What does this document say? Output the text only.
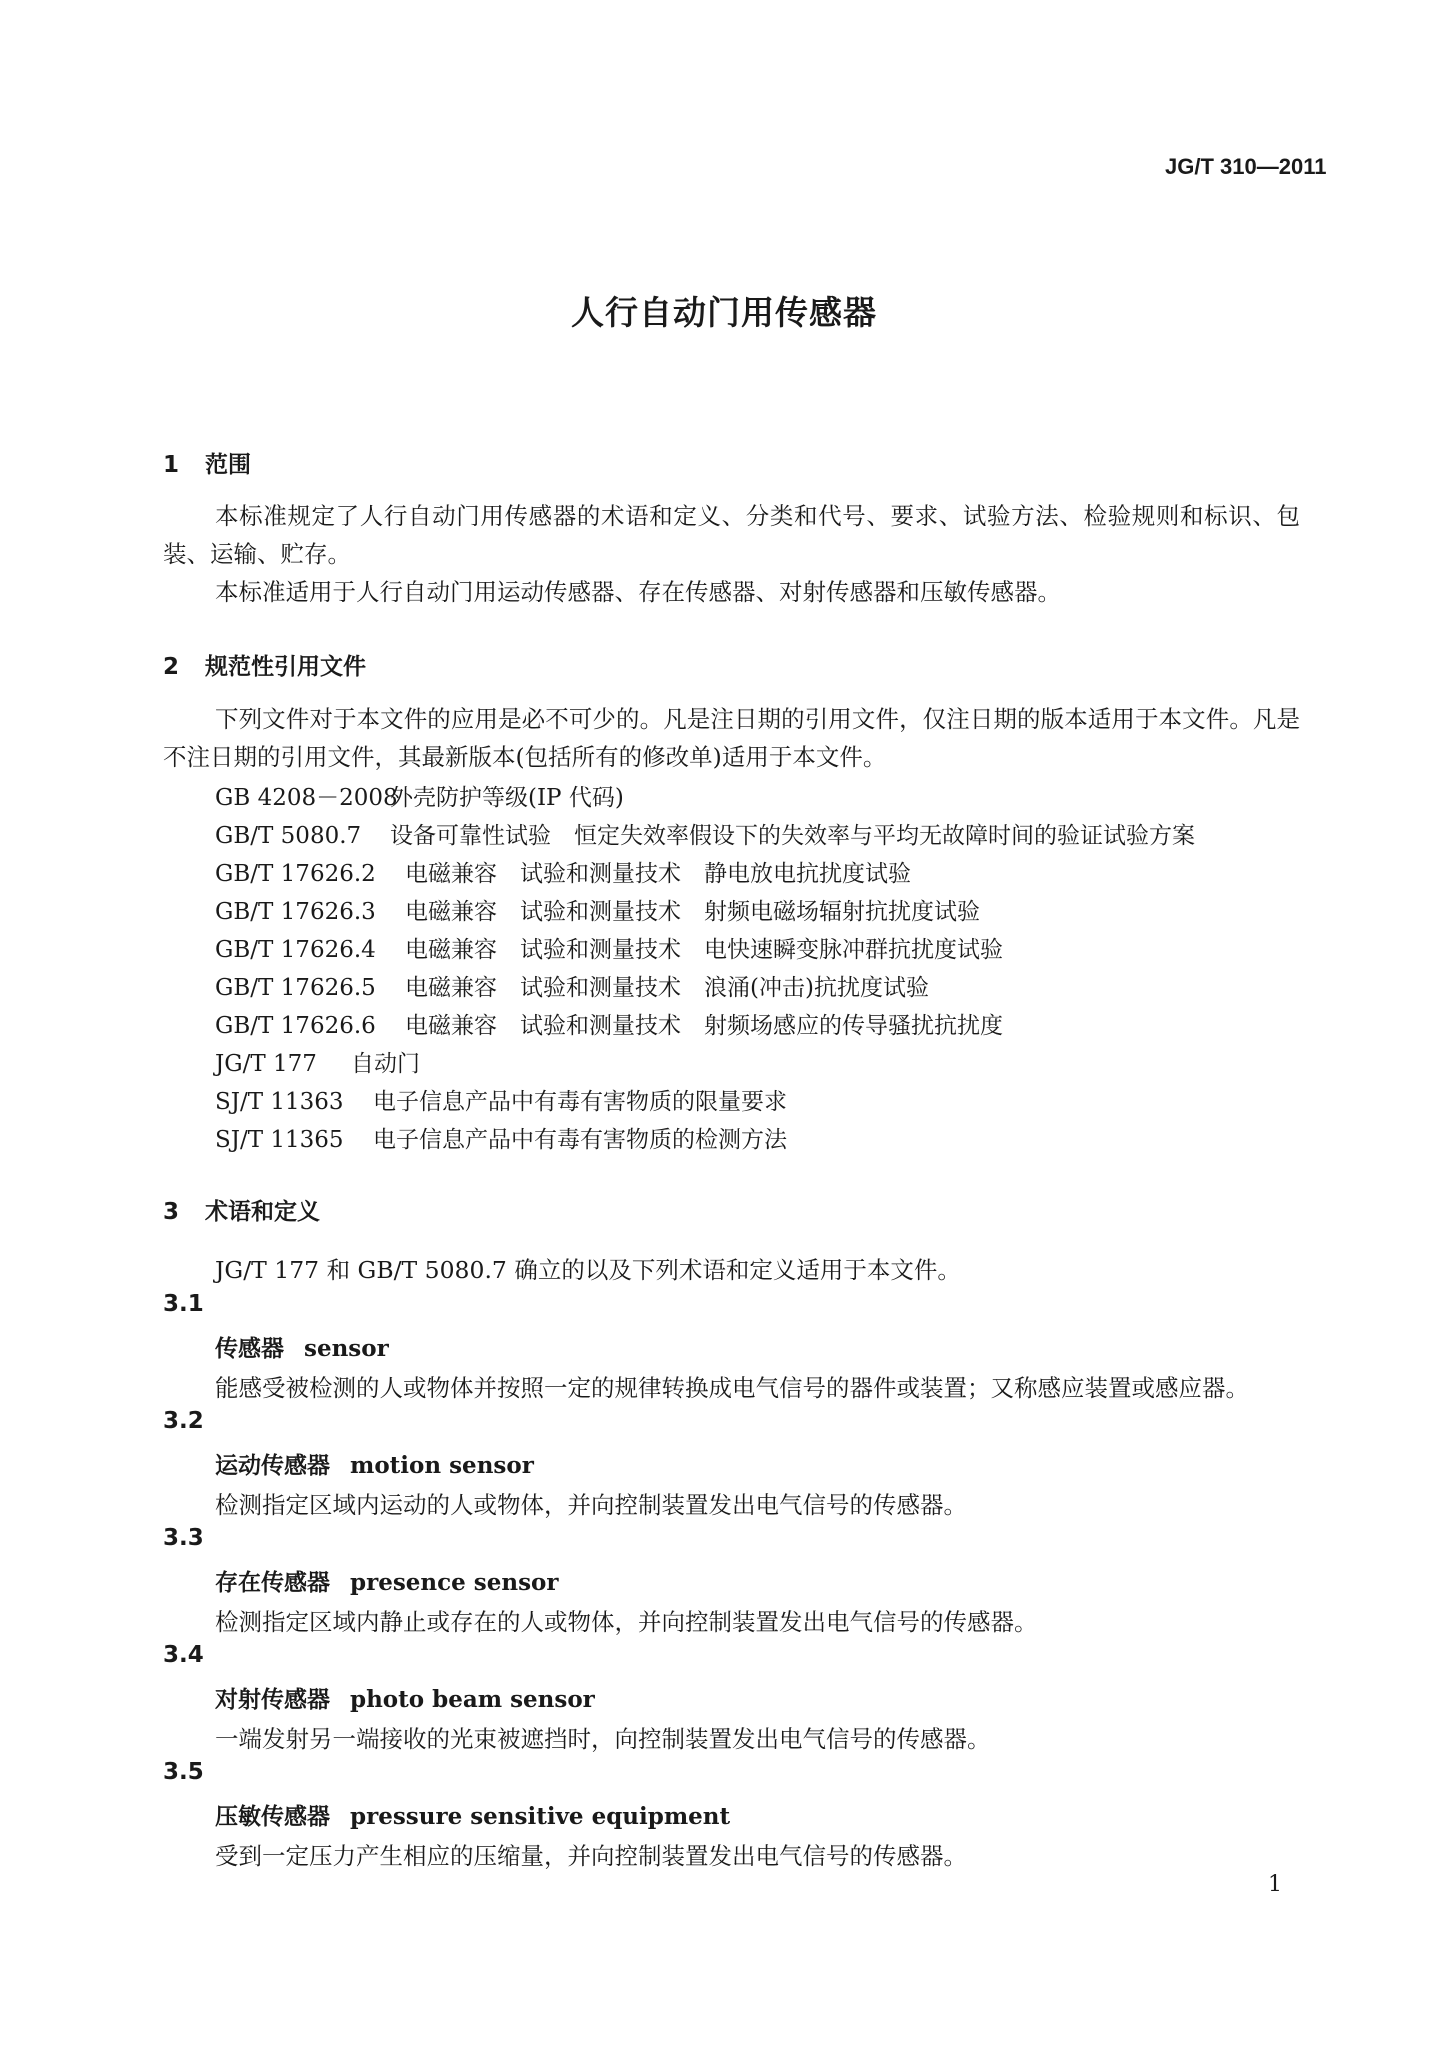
JG/T 310—2011
人行自动门用传感器
1 范围
本标准规定了人行自动门用传感器的术语和定义、分类和代号、要求、试验方法、检验规则和标识、包装、运输、贮存。
本标准适用于人行自动门用运动传感器、存在传感器、对射传感器和压敏传感器。
2 规范性引用文件
下列文件对于本文件的应用是必不可少的。凡是注日期的引用文件，仅注日期的版本适用于本文件。凡是不注日期的引用文件，其最新版本(包括所有的修改单)适用于本文件。
GB 4208－2008外壳防护等级(IP 代码)
GB/T 5080.7 设备可靠性试验　恒定失效率假设下的失效率与平均无故障时间的验证试验方案
GB/T 17626.2 电磁兼容　试验和测量技术　静电放电抗扰度试验
GB/T 17626.3 电磁兼容　试验和测量技术　射频电磁场辐射抗扰度试验
GB/T 17626.4 电磁兼容　试验和测量技术　电快速瞬变脉冲群抗扰度试验
GB/T 17626.5 电磁兼容　试验和测量技术　浪涌(冲击)抗扰度试验
GB/T 17626.6 电磁兼容　试验和测量技术　射频场感应的传导骚扰抗扰度
JG/T 177 自动门
SJ/T 11363 电子信息产品中有毒有害物质的限量要求
SJ/T 11365 电子信息产品中有毒有害物质的检测方法
3 术语和定义
JG/T 177 和 GB/T 5080.7 确立的以及下列术语和定义适用于本文件。
3.1
传感器 sensor
能感受被检测的人或物体并按照一定的规律转换成电气信号的器件或装置；又称感应装置或感应器。
3.2
运动传感器 motion sensor
检测指定区域内运动的人或物体，并向控制装置发出电气信号的传感器。
3.3
存在传感器 presence sensor
检测指定区域内静止或存在的人或物体，并向控制装置发出电气信号的传感器。
3.4
对射传感器 photo beam sensor
一端发射另一端接收的光束被遮挡时，向控制装置发出电气信号的传感器。
3.5
压敏传感器 pressure sensitive equipment
受到一定压力产生相应的压缩量，并向控制装置发出电气信号的传感器。
1
